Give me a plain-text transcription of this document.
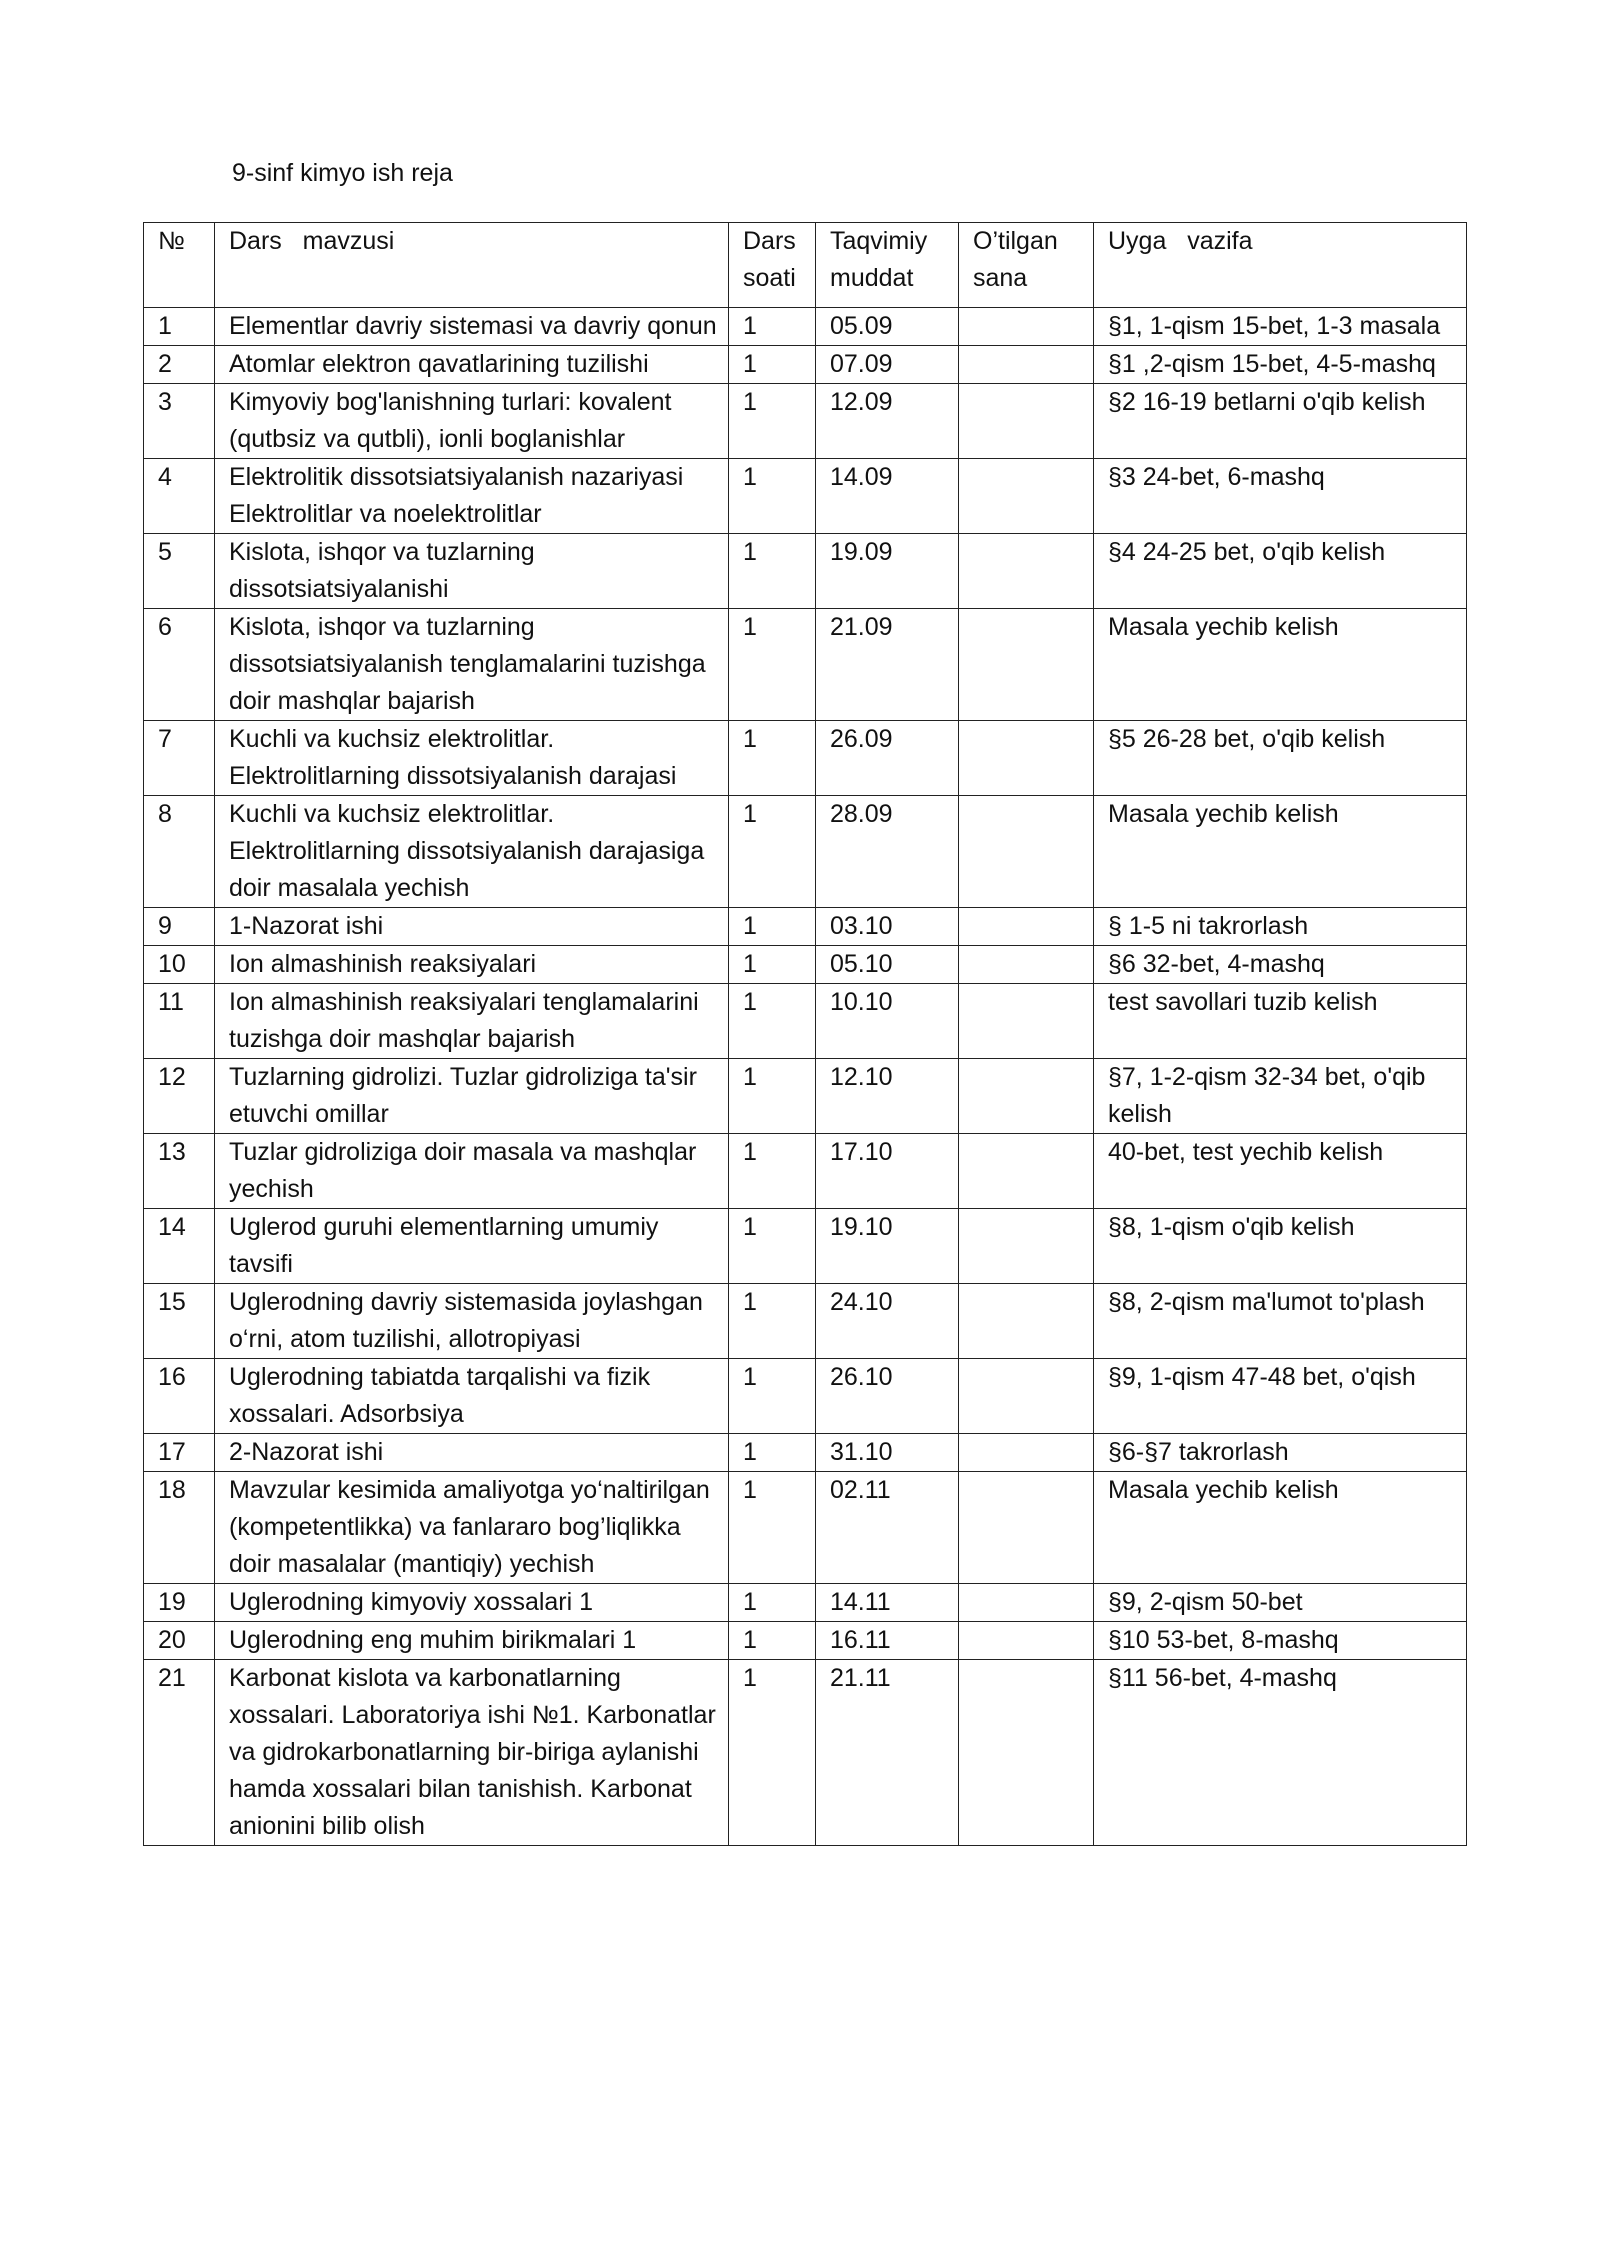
9-sinf kimyo ish reja
№	Dars   mavzusi	Dars soati	Taqvimiy muddat	O’tilgan sana	Uyga   vazifa
1	Elementlar davriy sistemasi va davriy qonun	1	05.09		§1, 1-qism 15-bet, 1-3 masala
2	Atomlar elektron qavatlarining tuzilishi	1	07.09		§1 ,2-qism 15-bet, 4-5-mashq
3	Kimyoviy bog'lanishning turlari: kovalent (qutbsiz va qutbli), ionli boglanishlar	1	12.09		§2 16-19 betlarni o'qib kelish
4	Elektrolitik dissotsiatsiyalanish nazariyasi Elektrolitlar va noelektrolitlar	1	14.09		§3 24-bet, 6-mashq
5	Kislota, ishqor va tuzlarning dissotsiatsiyalanishi	1	19.09		§4 24-25 bet, o'qib kelish
6	Kislota, ishqor va tuzlarning dissotsiatsiyalanish tenglamalarini tuzishga doir mashqlar bajarish	1	21.09		Masala yechib kelish
7	Kuchli va kuchsiz elektrolitlar. Elektrolitlarning dissotsiyalanish darajasi	1	26.09		§5 26-28 bet, o'qib kelish
8	Kuchli va kuchsiz elektrolitlar. Elektrolitlarning dissotsiyalanish darajasiga doir masalala yechish	1	28.09		Masala yechib kelish
9	1-Nazorat ishi	1	03.10		§ 1-5 ni takrorlash
10	Ion almashinish reaksiyalari	1	05.10		§6 32-bet, 4-mashq
11	Ion almashinish reaksiyalari tenglamalarini tuzishga doir mashqlar bajarish	1	10.10		test savollari tuzib kelish
12	Tuzlarning gidrolizi. Tuzlar gidroliziga ta'sir etuvchi omillar	1	12.10		§7, 1-2-qism 32-34 bet, o'qib kelish
13	Tuzlar gidroliziga doir masala va mashqlar yechish	1	17.10		40-bet, test yechib kelish
14	Uglerod guruhi elementlarning umumiy tavsifi	1	19.10		§8, 1-qism o'qib kelish
15	Uglerodning davriy sistemasida joylashgan o‘rni, atom tuzilishi, allotropiyasi	1	24.10		§8, 2-qism ma'lumot to'plash
16	Uglerodning tabiatda tarqalishi va fizik xossalari. Adsorbsiya	1	26.10		§9, 1-qism 47-48 bet, o'qish
17	2-Nazorat ishi	1	31.10		§6-§7 takrorlash
18	Mavzular kesimida amaliyotga yo‘naltirilgan (kompetentlikka) va fanlararo bog’liqlikka doir masalalar (mantiqiy) yechish	1	02.11		Masala yechib kelish
19	Uglerodning kimyoviy xossalari 1	1	14.11		§9, 2-qism 50-bet
20	Uglerodning eng muhim birikmalari 1	1	16.11		§10 53-bet, 8-mashq
21	Karbonat kislota va karbonatlarning xossalari. Laboratoriya ishi №1. Karbonatlar va gidrokarbonatlarning bir-biriga aylanishi hamda xossalari bilan tanishish. Karbonat anionini bilib olish	1	21.11		§11 56-bet, 4-mashq
